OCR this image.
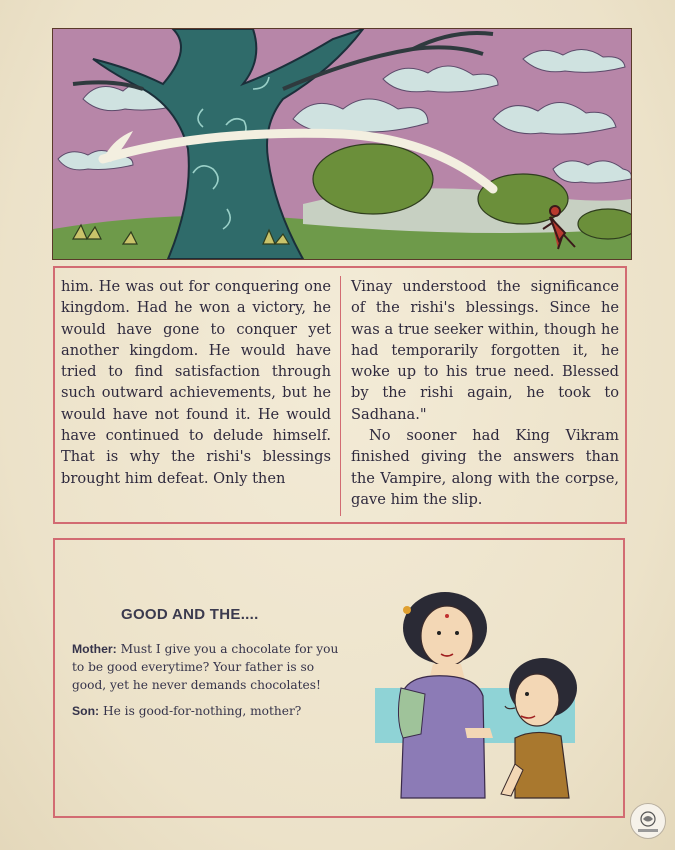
him. He was out for conquering one kingdom. Had he won a victory, he would have gone to conquer yet another kingdom. He would have tried to find satisfaction through such outward achievements, but he would have not found it. He would have continued to delude himself. That is why the rishi's blessings brought him defeat. Only then

Vinay understood the significance of the rishi's blessings. Since he was a true seeker within, though he had temporarily forgotten it, he woke up to his true need. Blessed by the rishi again, he took to Sadhana."

No sooner had King Vikram finished giving the answers than the Vampire, along with the corpse, gave him the slip.

GOOD AND THE....

Mother: Must I give you a chocolate for you to be good everytime? Your father is so good, yet he never demands chocolates!

Son: He is good-for-nothing, mother?
